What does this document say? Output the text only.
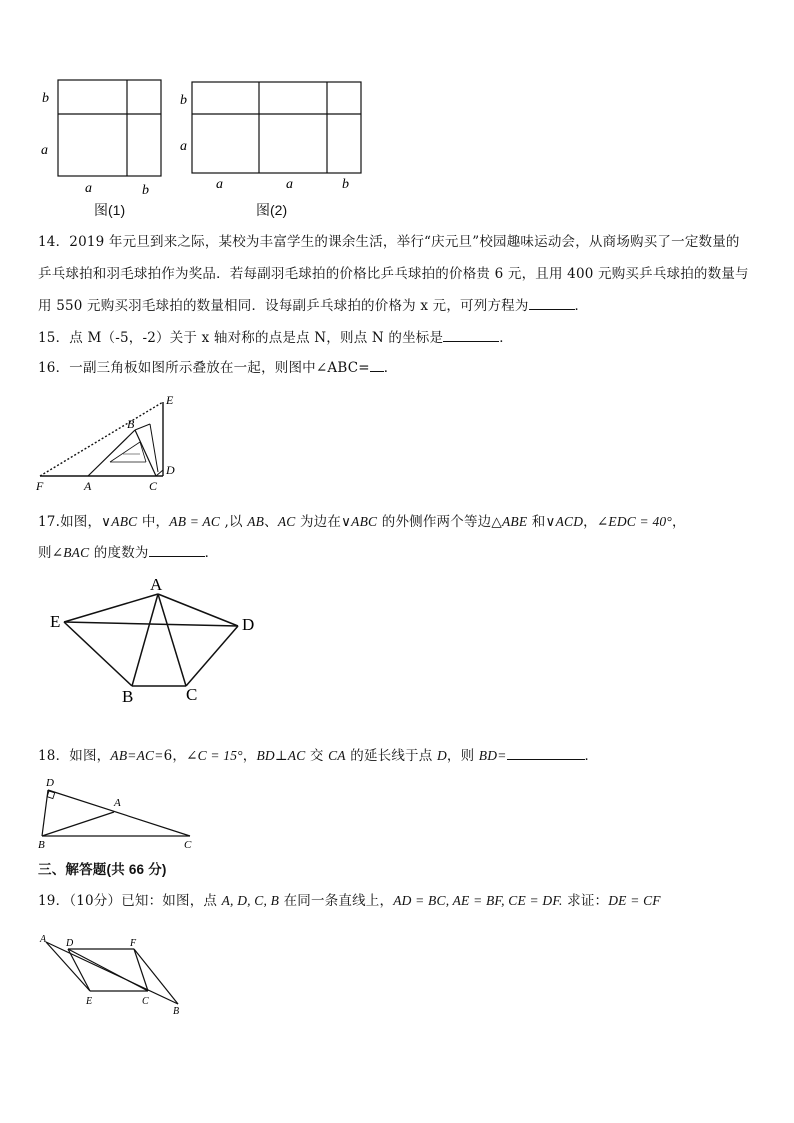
b
a
a	b
图(1)
b
a
a	a	b
图(2)
14．2019 年元旦到来之际，某校为丰富学生的课余生活，举行“庆元旦”校园趣味运动会，从商场购买了一定数量的
乒乓球拍和羽毛球拍作为奖品．若每副羽毛球拍的价格比乒乓球拍的价格贵 6 元，且用 400 元购买乒乓球拍的数量与
用 550 元购买羽毛球拍的数量相同．设每副乒乓球拍的价格为 x 元，可列方程为	．
15．点 M（-5，-2）关于 x 轴对称的点是点 N，则点 N 的坐标是	．
16．一副三角板如图所示叠放在一起，则图中∠ABC= ．
E
B
D
F	A	C
17.如图，∨ABC 中，AB = AC ,以 AB、AC 为边在∨ABC 的外侧作两个等边△ABE 和∨ACD，∠EDC = 40°，
则∠BAC 的度数为	．
A
E	D
B	C
18．如图，AB=AC=6，∠C = 15°，BD⊥AC 交 CA 的延长线于点 D，则 BD=	．
D
A
B	C
三、解答题(共 66 分)
19．（10分）已知：如图，点 A, D, C, B 在同一条直线上，AD = BC, AE = BF, CE = DF. 求证：DE = CF
A D	F
E	C
B
